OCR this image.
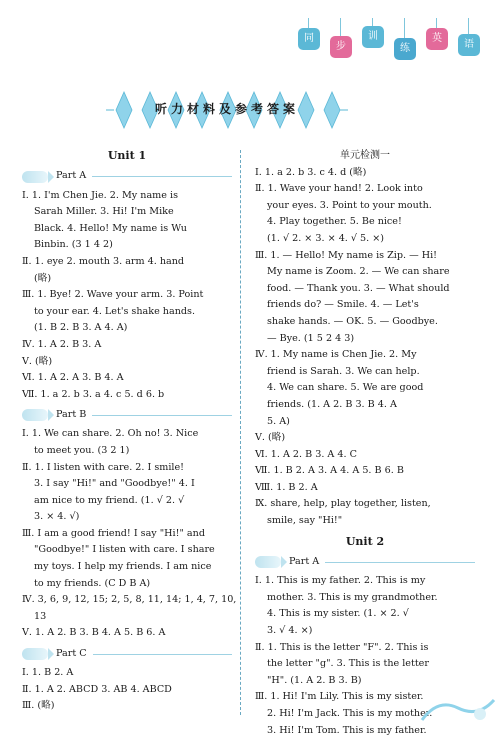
同
步
训
练
英
语
听力材料及参考答案

Unit 1

Part A
Ⅰ. 1. I'm Chen Jie. 2. My name is
Sarah Miller. 3. Hi! I'm Mike
Black. 4. Hello! My name is Wu
Binbin. (3 1 4 2)
Ⅱ. 1. eye 2. mouth 3. arm 4. hand
(略)
Ⅲ. 1. Bye! 2. Wave your arm. 3. Point
to your ear. 4. Let's shake hands.
(1. B 2. B 3. A 4. A)
Ⅳ. 1. A 2. B 3. A
Ⅴ. (略)
Ⅵ. 1. A 2. A 3. B 4. A
Ⅶ. 1. a 2. b 3. a 4. c 5. d 6. b
Part B
Ⅰ. 1. We can share. 2. Oh no! 3. Nice
to meet you. (3 2 1)
Ⅱ. 1. I listen with care. 2. I smile!
3. I say "Hi!" and "Goodbye!" 4. I
am nice to my friend. (1. √ 2. √
3. × 4. √)
Ⅲ. I am a good friend! I say "Hi!" and
"Goodbye!" I listen with care. I share
my toys. I help my friends. I am nice
to my friends. (C D B A)
Ⅳ. 3, 6, 9, 12, 15; 2, 5, 8, 11, 14; 1, 4, 7, 10,
13
Ⅴ. 1. A 2. B 3. B 4. A 5. B 6. A
Part C
Ⅰ. 1. B 2. A
Ⅱ. 1. A 2. ABCD 3. AB 4. ABCD
Ⅲ. (略)

单元检测一

Ⅰ. 1. a 2. b 3. c 4. d (略)
Ⅱ. 1. Wave your hand! 2. Look into
your eyes. 3. Point to your mouth.
4. Play together. 5. Be nice!
(1. √ 2. × 3. × 4. √ 5. ×)
Ⅲ. 1. — Hello! My name is Zip. — Hi!
My name is Zoom. 2. — We can share
food. — Thank you. 3. — What should
friends do? — Smile. 4. — Let's
shake hands. — OK. 5. — Goodbye.
— Bye. (1 5 2 4 3)
Ⅳ. 1. My name is Chen Jie. 2. My
friend is Sarah. 3. We can help.
4. We can share. 5. We are good
friends. (1. A 2. B 3. B 4. A
5. A)
Ⅴ. (略)
Ⅵ. 1. A 2. B 3. A 4. C
Ⅶ. 1. B 2. A 3. A 4. A 5. B 6. B
Ⅷ. 1. B 2. A
Ⅸ. share, help, play together, listen,
smile, say "Hi!"

Unit 2

Part A
Ⅰ. 1. This is my father. 2. This is my
mother. 3. This is my grandmother.
4. This is my sister. (1. × 2. √
3. √ 4. ×)
Ⅱ. 1. This is the letter "F". 2. This is
the letter "g". 3. This is the letter
"H". (1. A 2. B 3. B)
Ⅲ. 1. Hi! I'm Lily. This is my sister.
2. Hi! I'm Jack. This is my mother.
3. Hi! I'm Tom. This is my father.
